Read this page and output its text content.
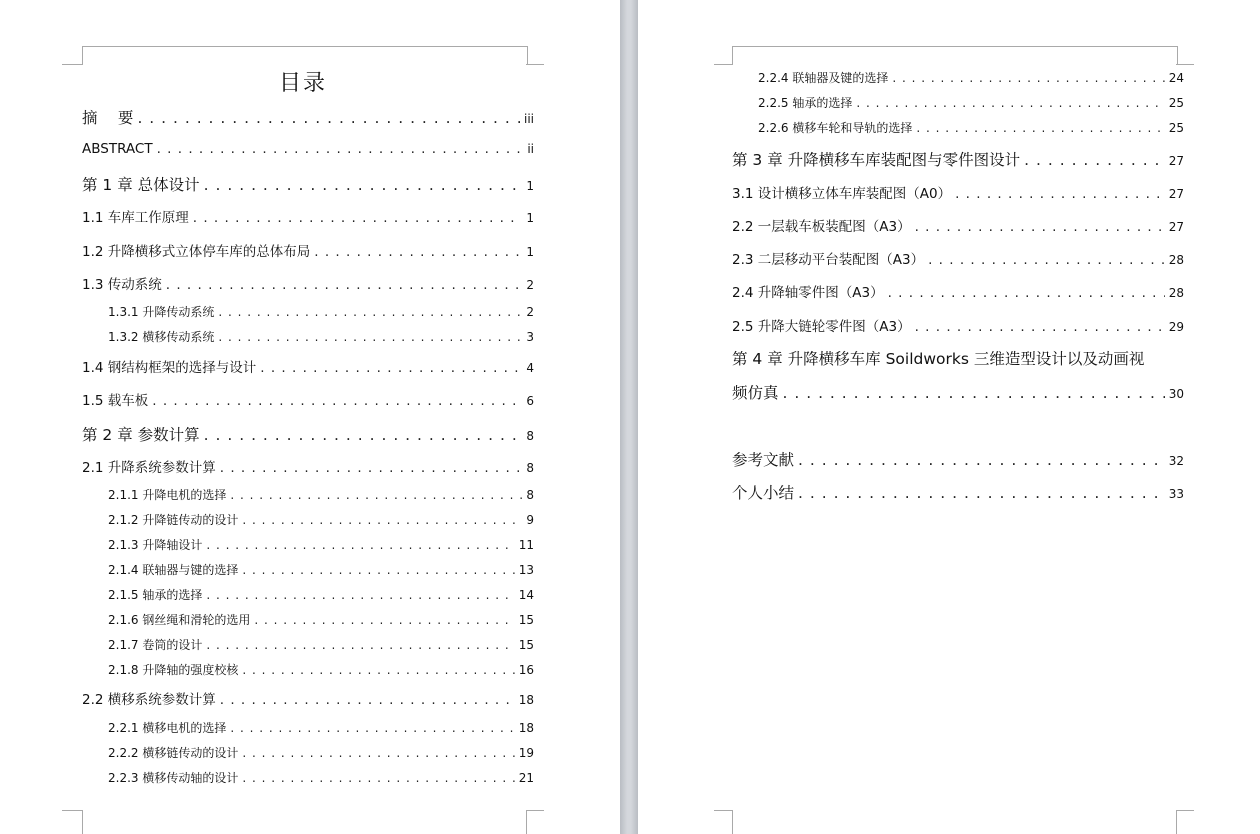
目录
摘　 要 . . .	iii
ABSTRACT . . .	ii
第 1 章 总体设计 . . .	1
1.1 车库工作原理 . . .	1
1.2 升降横移式立体停车库的总体布局 . . .	1
1.3 传动系统 . . .	2
1.3.1 升降传动系统 . . .	2
1.3.2 横移传动系统 . . .	3
1.4 钢结构框架的选择与设计 . . .	4
1.5 载车板 . . .	6
第 2 章 参数计算 . . .	8
2.1 升降系统参数计算 . . .	8
2.1.1 升降电机的选择 . . .	8
2.1.2 升降链传动的设计 . . .	9
2.1.3 升降轴设计 . . .	11
2.1.4 联轴器与键的选择 . . .	13
2.1.5 轴承的选择 . . .	14
2.1.6 钢丝绳和滑轮的选用 . . .	15
2.1.7 卷筒的设计 . . .	15
2.1.8 升降轴的强度校核 . . .	16
2.2 横移系统参数计算 . . .	18
2.2.1 横移电机的选择 . . .	18
2.2.2 横移链传动的设计 . . .	19
2.2.3 横移传动轴的设计 . . .	21
2.2.4 联轴器及键的选择 . . .	24
2.2.5 轴承的选择 . . .	25
2.2.6 横移车轮和导轨的选择 . . .	25
第 3 章 升降横移车库装配图与零件图设计 . . .	27
3.1 设计横移立体车库装配图（A0） . . .	27
2.2 一层载车板装配图（A3） . . .	27
2.3 二层移动平台装配图（A3） . . .	28
2.4 升降轴零件图（A3） . . .	28
2.5 升降大链轮零件图（A3） . . .	29
第 4 章 升降横移车库 Soildworks 三维造型设计以及动画视
频仿真 . . .	30
参考文献 . . .	32
个人小结 . . .	33
